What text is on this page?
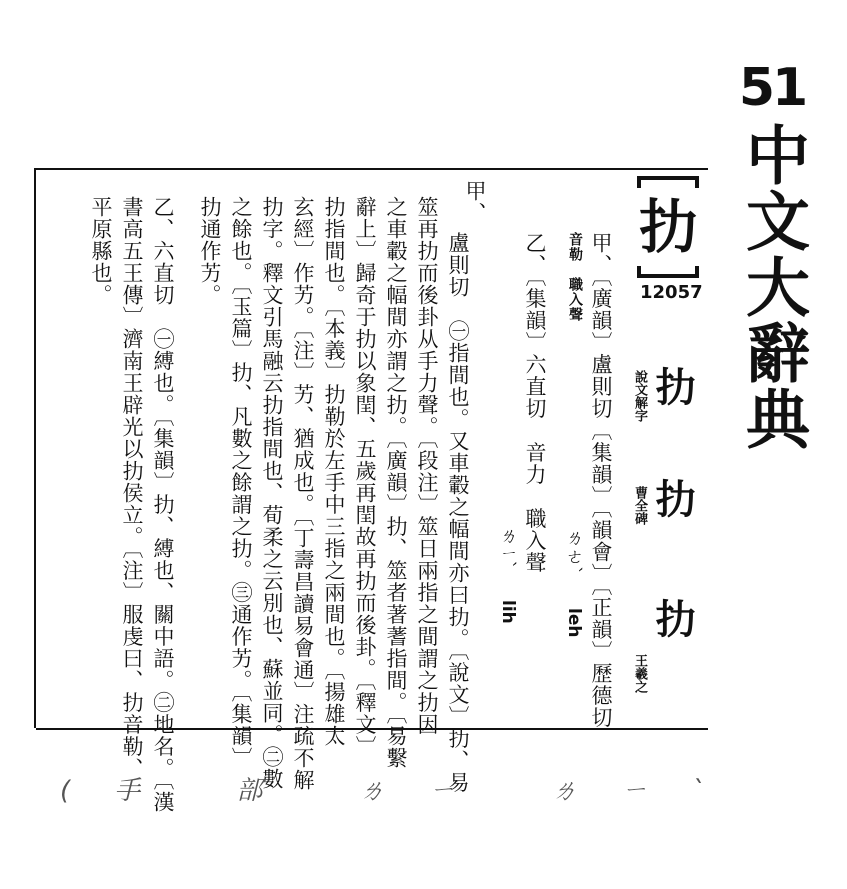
51
中文大辭典
扐
12057
扐
說文解字
扐
曹全碑
扐
王羲之
ㄌㄜˋ
leh
ㄌㄧˋ
lih	甲、〔廣韻〕盧則切〔集韻〕〔韻會〕〔正韻〕歷德切
音勒　職入聲
乙、〔集韻〕六直切　音力　職入聲
甲、
盧則切　㊀指間也。又車轂之幅間亦曰扐。〔說文〕扐、易
筮再扐而後卦从手力聲。〔段注〕筮日兩指之間謂之扐因
之車轂之幅間亦謂之扐。〔廣韻〕扐、筮者著蓍指間。〔易繫
辭上〕歸奇于扐以象閏、五歲再閏故再扐而後卦。〔釋文〕
扐指間也。〔本義〕扐勒於左手中三指之兩間也。〔揚雄太
玄經〕作艻。〔注〕艻、猶成也。〔丁壽昌讀易會通〕注疏不解
扐字。釋文引馬融云扐指間也、荀柔之云別也、蘇並同。㊁數
之餘也。〔玉篇〕扐、凡數之餘謂之扐。㊂通作艻。〔集韻〕
扐通作艻。
乙、六直切　㊀縛也。〔集韻〕扐、縛也、關中語。㊁地名。〔漢
書高五王傳〕濟南王辟光以扐侯立。〔注〕服虔曰、扐音勒、
平原縣也。
(手 部 ㄌㄧ ㄌㄧˋ
